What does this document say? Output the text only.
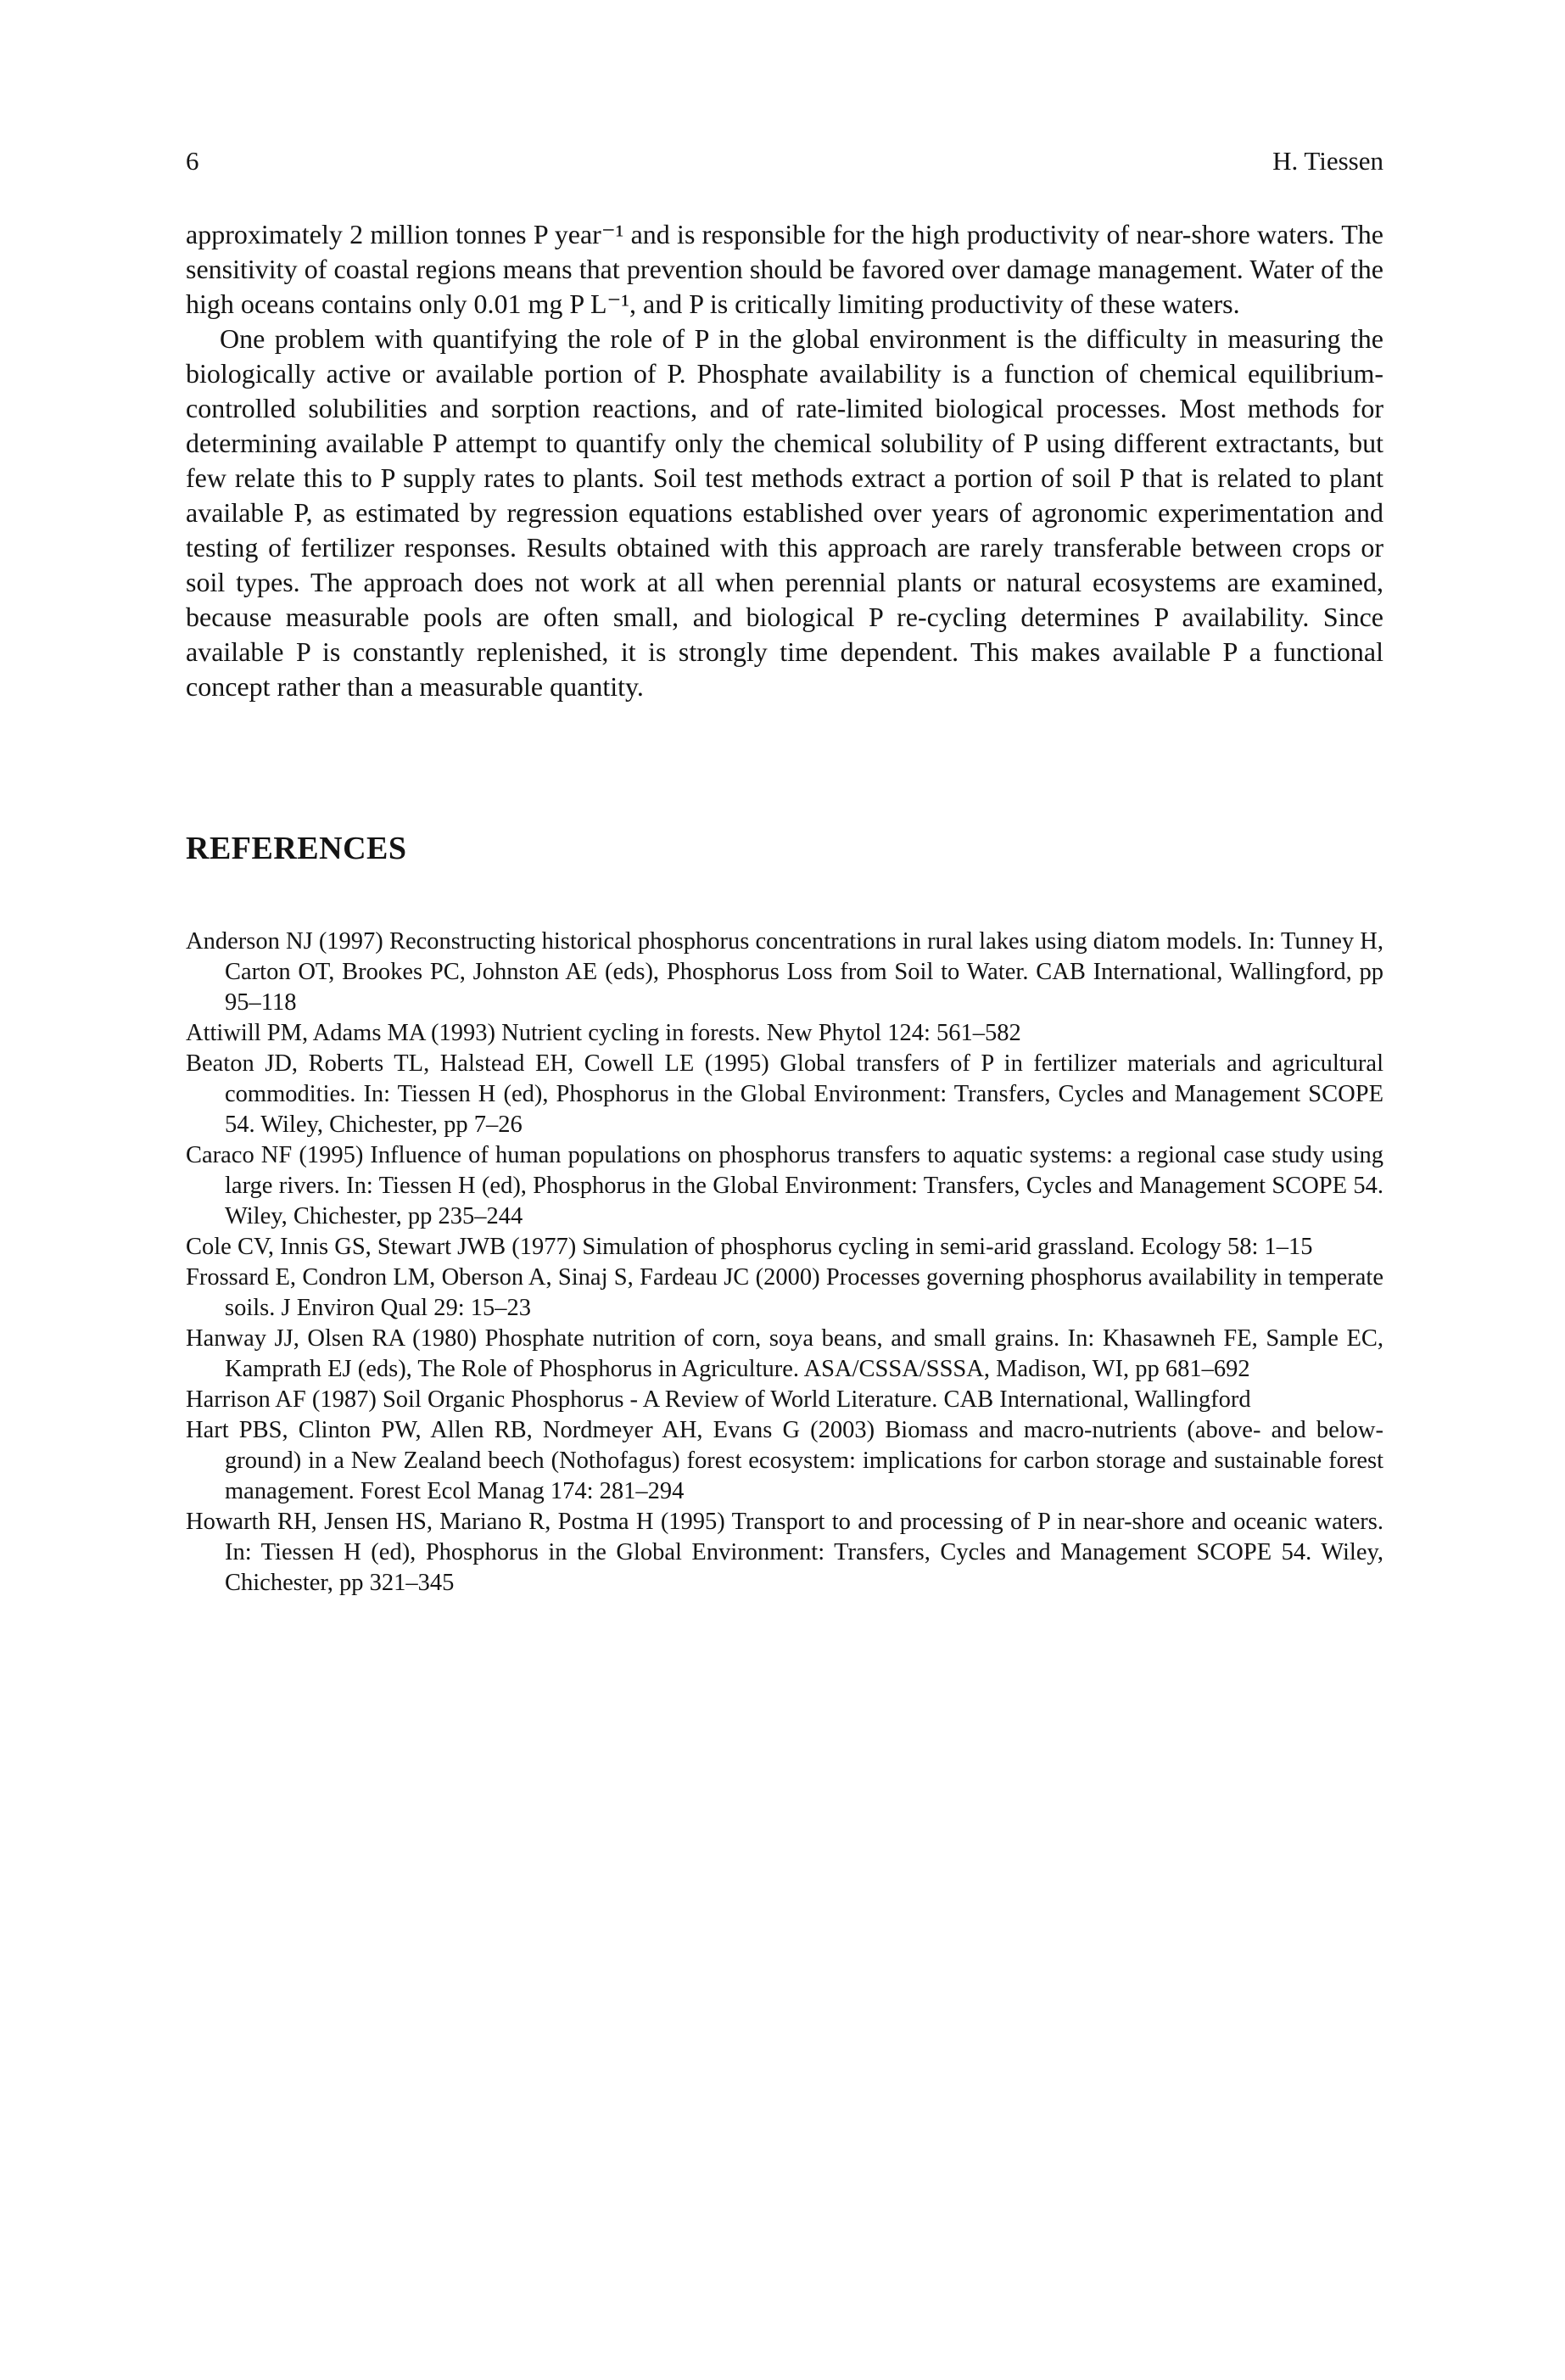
6	H. Tiessen

approximately 2 million tonnes P year⁻¹ and is responsible for the high productivity of near-shore waters. The sensitivity of coastal regions means that prevention should be favored over damage management. Water of the high oceans contains only 0.01 mg P L⁻¹, and P is critically limiting productivity of these waters.

One problem with quantifying the role of P in the global environment is the difficulty in measuring the biologically active or available portion of P. Phosphate availability is a function of chemical equilibrium-controlled solubilities and sorption reactions, and of rate-limited biological processes. Most methods for determining available P attempt to quantify only the chemical solubility of P using different extractants, but few relate this to P supply rates to plants. Soil test methods extract a portion of soil P that is related to plant available P, as estimated by regression equations established over years of agronomic experimentation and testing of fertilizer responses. Results obtained with this approach are rarely transferable between crops or soil types. The approach does not work at all when perennial plants or natural ecosystems are examined, because measurable pools are often small, and biological P re-cycling determines P availability. Since available P is constantly replenished, it is strongly time dependent. This makes available P a functional concept rather than a measurable quantity.

REFERENCES

Anderson NJ (1997) Reconstructing historical phosphorus concentrations in rural lakes using diatom models. In: Tunney H, Carton OT, Brookes PC, Johnston AE (eds), Phosphorus Loss from Soil to Water. CAB International, Wallingford, pp 95–118

Attiwill PM, Adams MA (1993) Nutrient cycling in forests. New Phytol 124: 561–582

Beaton JD, Roberts TL, Halstead EH, Cowell LE (1995) Global transfers of P in fertilizer materials and agricultural commodities. In: Tiessen H (ed), Phosphorus in the Global Environment: Transfers, Cycles and Management SCOPE 54. Wiley, Chichester, pp 7–26

Caraco NF (1995) Influence of human populations on phosphorus transfers to aquatic systems: a regional case study using large rivers. In: Tiessen H (ed), Phosphorus in the Global Environment: Transfers, Cycles and Management SCOPE 54. Wiley, Chichester, pp 235–244

Cole CV, Innis GS, Stewart JWB (1977) Simulation of phosphorus cycling in semi-arid grassland. Ecology 58: 1–15

Frossard E, Condron LM, Oberson A, Sinaj S, Fardeau JC (2000) Processes governing phosphorus availability in temperate soils. J Environ Qual 29: 15–23

Hanway JJ, Olsen RA (1980) Phosphate nutrition of corn, soya beans, and small grains. In: Khasawneh FE, Sample EC, Kamprath EJ (eds), The Role of Phosphorus in Agriculture. ASA/CSSA/SSSA, Madison, WI, pp 681–692

Harrison AF (1987) Soil Organic Phosphorus - A Review of World Literature. CAB International, Wallingford

Hart PBS, Clinton PW, Allen RB, Nordmeyer AH, Evans G (2003) Biomass and macro-nutrients (above- and below-ground) in a New Zealand beech (Nothofagus) forest ecosystem: implications for carbon storage and sustainable forest management. Forest Ecol Manag 174: 281–294

Howarth RH, Jensen HS, Mariano R, Postma H (1995) Transport to and processing of P in near-shore and oceanic waters. In: Tiessen H (ed), Phosphorus in the Global Environment: Transfers, Cycles and Management SCOPE 54. Wiley, Chichester, pp 321–345
